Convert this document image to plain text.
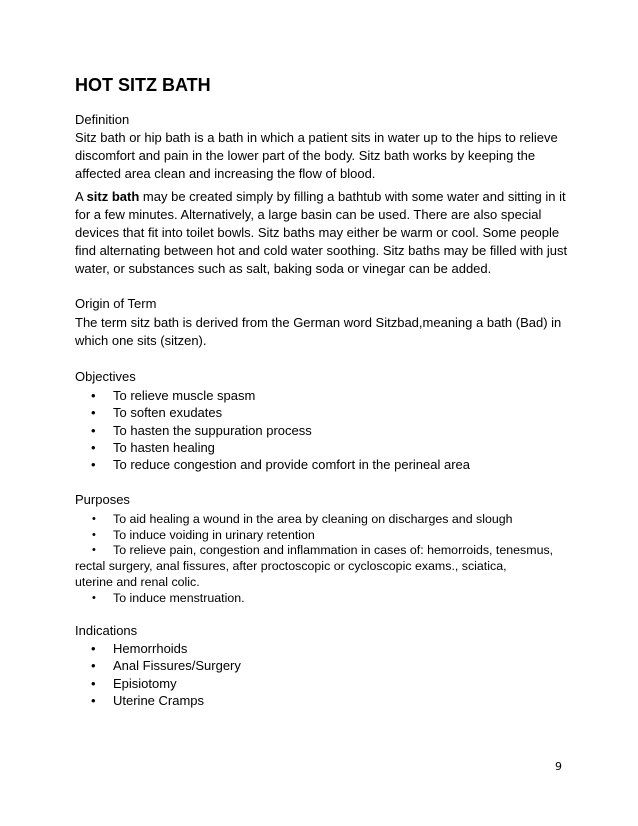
HOT SITZ BATH
Definition
Sitz bath or hip bath is a bath in which a patient sits in water up to the hips to relieve
discomfort and pain in the lower part of the body. Sitz bath works by keeping the
affected area clean and increasing the flow of blood.
A sitz bath may be created simply by filling a bathtub with some water and sitting in it
for a few minutes. Alternatively, a large basin can be used. There are also special
devices that fit into toilet bowls. Sitz baths may either be warm or cool. Some people
find alternating between hot and cold water soothing. Sitz baths may be filled with just
water, or substances such as salt, baking soda or vinegar can be added.
Origin of Term
The term sitz bath is derived from the German word Sitzbad,meaning a bath (Bad) in
which one sits (sitzen).
Objectives
• To relieve muscle spasm
• To soften exudates
• To hasten the suppuration process
• To hasten healing
• To reduce congestion and provide comfort in the perineal area
Purposes
• To aid healing a wound in the area by cleaning on discharges and slough
• To induce voiding in urinary retention
• To relieve pain, congestion and inflammation in cases of: hemorroids, tenesmus,
rectal surgery, anal fissures, after proctoscopic or cycloscopic exams., sciatica,
uterine and renal colic.
• To induce menstruation.
Indications
• Hemorrhoids
• Anal Fissures/Surgery
• Episiotomy
• Uterine Cramps
9
